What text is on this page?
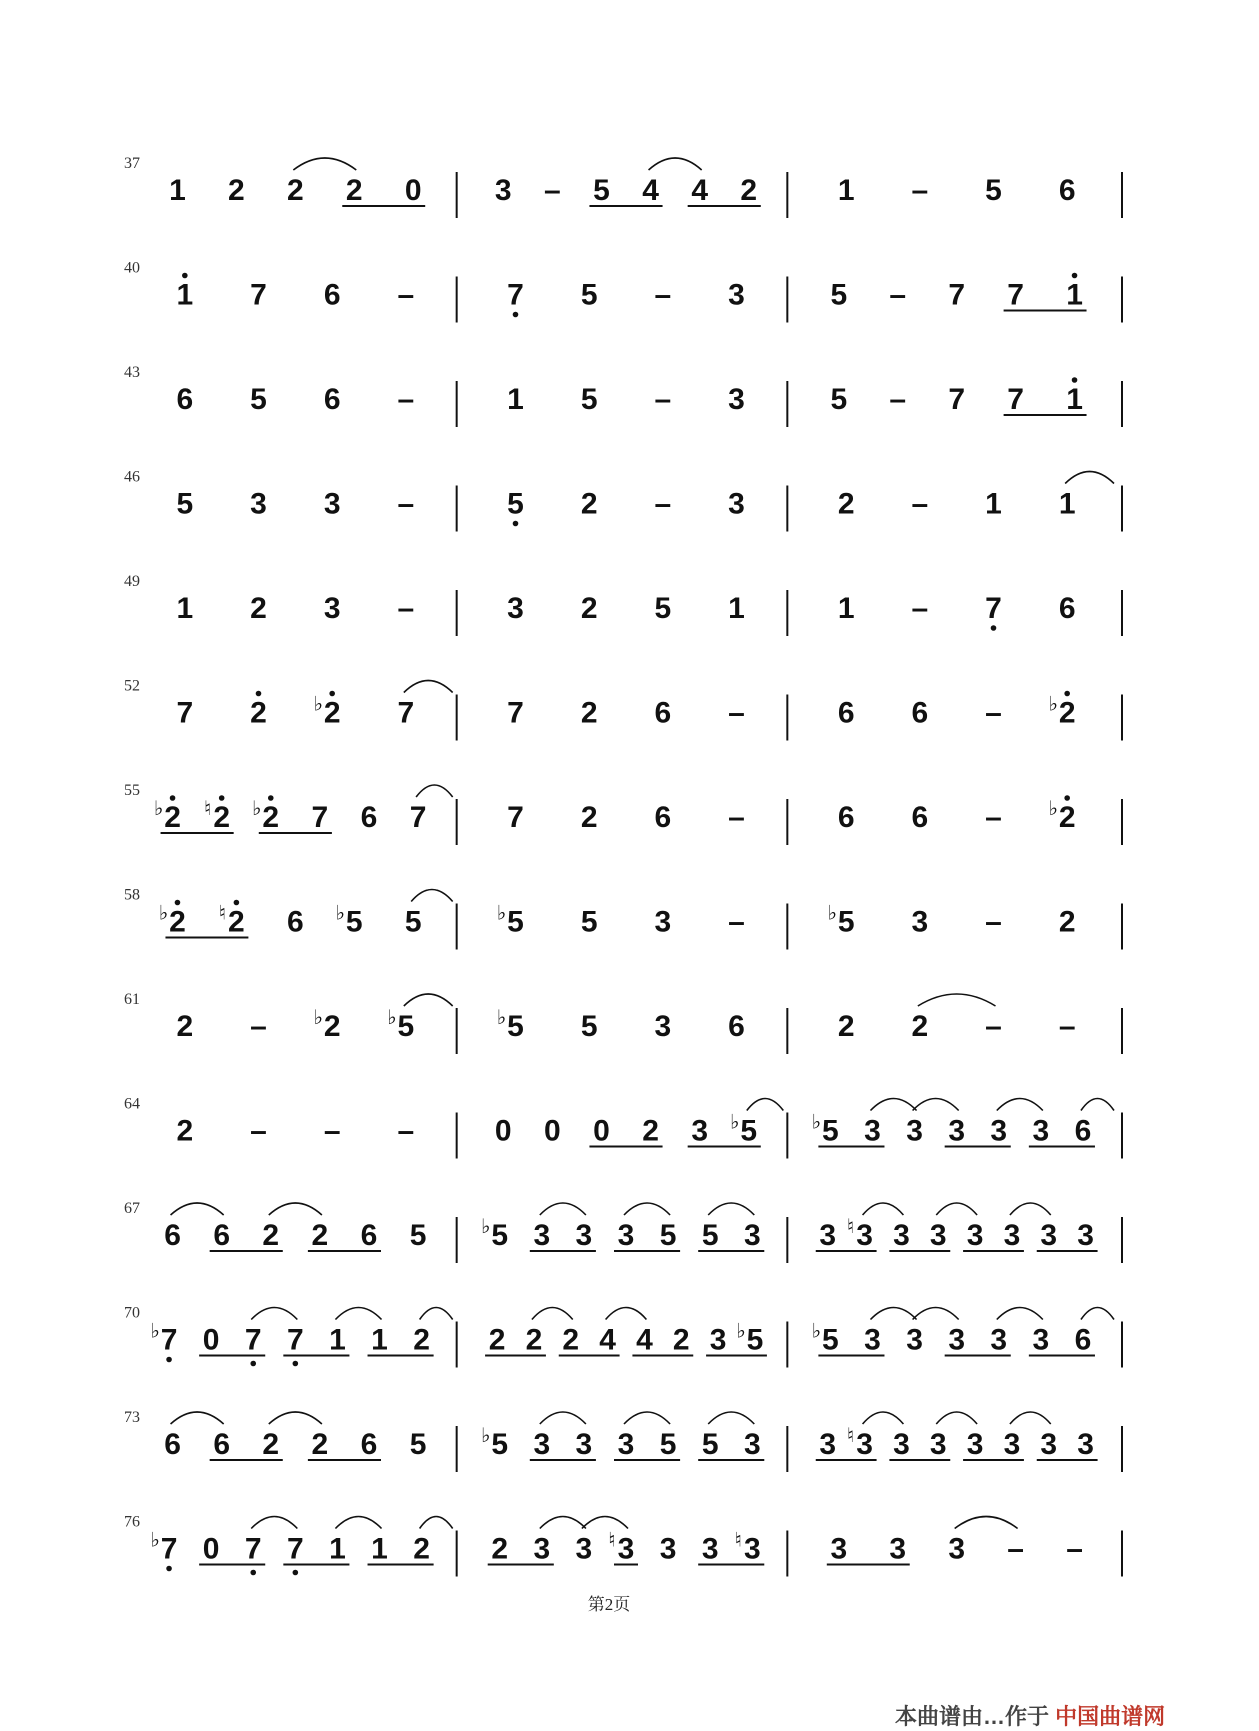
37
1 2 2 2 0 3 – 5 4 4 2	1 – 5 6
40
1 7 6 –	7 5 – 3	5 – 7 7 1
43
6 5 6 –	1 5 – 3	5 – 7 7 1
46
5 3 3 –	5 2 – 3	2 – 1 1
49
1 2 3 –	3 2 5 1	1 – 7 6
52
7 2 2
♭ 7	7 2 6 –	6 6 – 2
♭
55
2
♭ 2
♮ 2
♭ 7 6 7	7 2 6 –	6 6 – 2
♭
58
2
♭ 2
♮ 6 5
♭ 5	5
♭ 5 3 –	5
♭ 3 – 2
61
2 – 2
♭ 5
♭	5
♭ 5 3 6	2 2 – –
64
2 – – –	0 0 0 2 3 5
♭	5
♭ 3 3 3 3 3 6
67
6 6 2 2 6 5 5
♭ 3 3 3 5 5 3 3 3
♮ 3 3 3 3 3 3
70
7
♭ 0 7 7 1 1 2 2 2 2 4 4 2 3 5
♭	5
♭ 3 3 3 3 3 6
73
6 6 2 2 6 5 5
♭ 3 3 3 5 5 3 3 3
♮ 3 3 3 3 3 3
76
7
♭ 0 7 7 1 1 2 2 3 3 3
♮ 3 3 3
♮	3 3 3 – –
第2页
本曲谱由…作于 中国曲谱网
